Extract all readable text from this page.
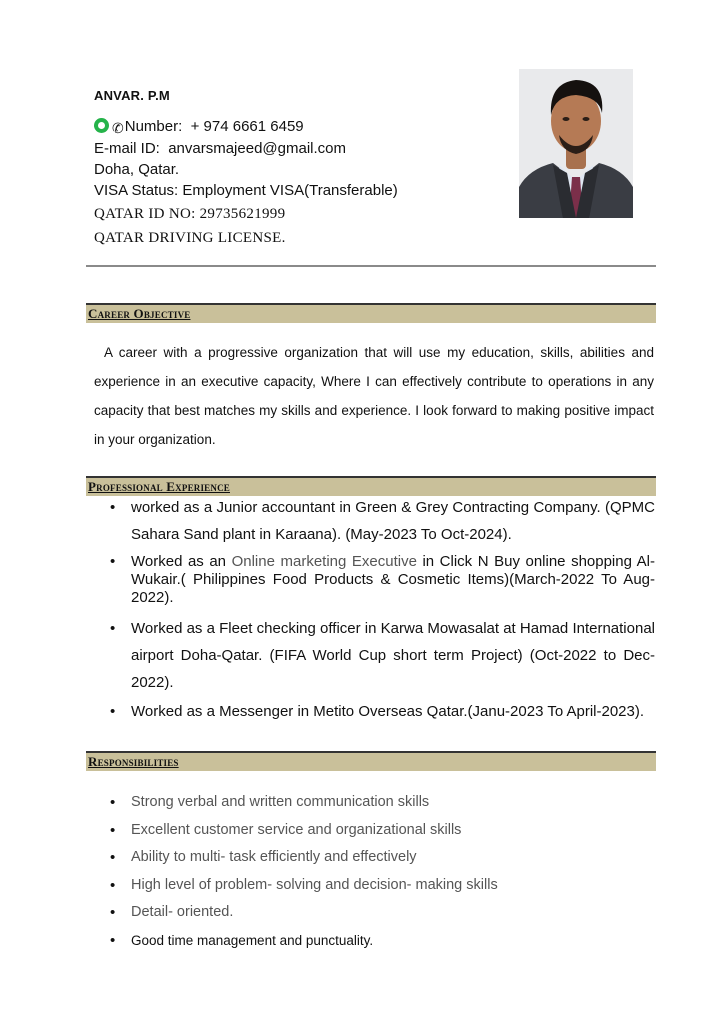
ANVAR. P.M
✆Number: + 974 6661 6459
E-mail ID: anvarsmajeed@gmail.com
Doha, Qatar.
VISA Status: Employment VISA(Transferable)
QATAR ID NO: 29735621999
QATAR DRIVING LICENSE.
Career Objective
A career with a progressive organization that will use my education, skills, abilities and experience in an executive capacity, Where I can effectively contribute to operations in any capacity that best matches my skills and experience. I look forward to making positive impact in your organization.
Professional Experience
• worked as a Junior accountant in Green & Grey Contracting Company. (QPMC Sahara Sand plant in Karaana). (May-2023 To Oct-2024).
• Worked as an Online marketing Executive in Click N Buy online shopping Al-Wukair.( Philippines Food Products & Cosmetic Items)(March-2022 To Aug-2022).
• Worked as a Fleet checking officer in Karwa Mowasalat at Hamad International airport Doha-Qatar. (FIFA World Cup short term Project) (Oct-2022 to Dec-2022).
• Worked as a Messenger in Metito Overseas Qatar.(Janu-2023 To April-2023).
Responsibilities
• Strong verbal and written communication skills
• Excellent customer service and organizational skills
• Ability to multi- task efficiently and effectively
• High level of problem- solving and decision- making skills
• Detail- oriented.
• Good time management and punctuality.
